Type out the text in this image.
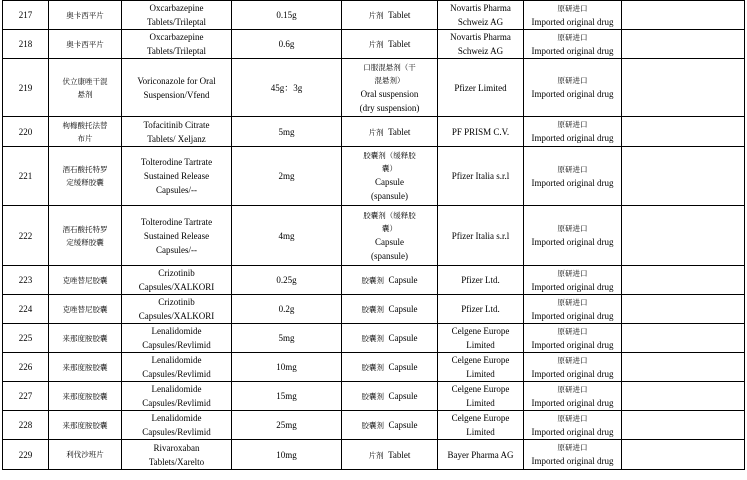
217	奥卡西平片	Oxcarbazepine
Tablets/Trileptal	0.15g	片剂 Tablet	Novartis Pharma
Schweiz AG	原研进口
Imported original drug	

218	奥卡西平片	Oxcarbazepine
Tablets/Trileptal	0.6g	片剂 Tablet	Novartis Pharma
Schweiz AG	原研进口
Imported original drug	

219	伏立康唑干混
悬剂	Voriconazole for Oral
Suspension/Vfend	45g：3g	口服混悬剂（干
混悬剂）
Oral suspension
(dry suspension)	Pfizer Limited	原研进口
Imported original drug	

220	枸橼酸托法替
布片	Tofacitinib Citrate
Tablets/ Xeljanz	5mg	片剂 Tablet	PF PRISM C.V.	原研进口
Imported original drug	

221	酒石酸托特罗
定缓释胶囊	Tolterodine Tartrate
Sustained Release
Capsules/--	2mg	胶囊剂（缓释胶
囊）
Capsule
(spansule)	Pfizer Italia s.r.l	原研进口
Imported original drug	

222	酒石酸托特罗
定缓释胶囊	Tolterodine Tartrate
Sustained Release
Capsules/--	4mg	胶囊剂（缓释胶
囊）
Capsule
(spansule)	Pfizer Italia s.r.l	原研进口
Imported original drug	

223	克唑替尼胶囊	Crizotinib
Capsules/XALKORI	0.25g	胶囊剂 Capsule	Pfizer Ltd.	原研进口
Imported original drug	

224	克唑替尼胶囊	Crizotinib
Capsules/XALKORI	0.2g	胶囊剂 Capsule	Pfizer Ltd.	原研进口
Imported original drug	

225	来那度胺胶囊	Lenalidomide
Capsules/Revlimid	5mg	胶囊剂 Capsule	Celgene Europe
Limited	原研进口
Imported original drug	

226	来那度胺胶囊	Lenalidomide
Capsules/Revlimid	10mg	胶囊剂 Capsule	Celgene Europe
Limited	原研进口
Imported original drug	

227	来那度胺胶囊	Lenalidomide
Capsules/Revlimid	15mg	胶囊剂 Capsule	Celgene Europe
Limited	原研进口
Imported original drug	

228	来那度胺胶囊	Lenalidomide
Capsules/Revlimid	25mg	胶囊剂 Capsule	Celgene Europe
Limited	原研进口
Imported original drug	

229	利伐沙班片	Rivaroxaban
Tablets/Xarelto	10mg	片剂 Tablet	Bayer Pharma AG	原研进口
Imported original drug	
